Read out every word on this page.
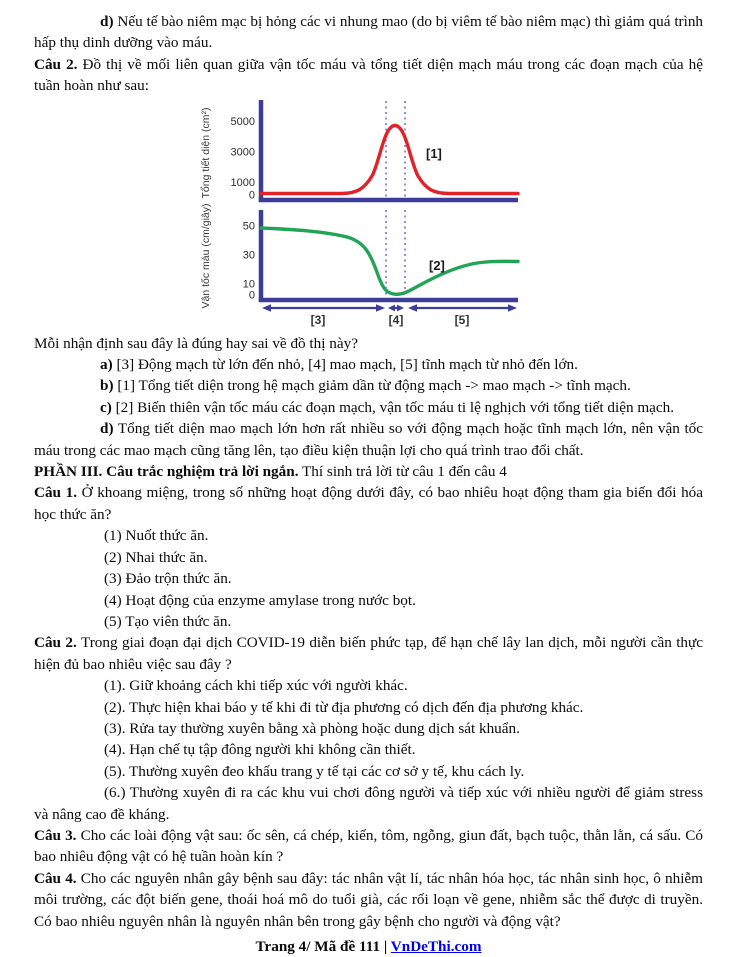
d) Nếu tế bào niêm mạc bị hỏng các vi nhung mao (do bị viêm tế bào niêm mạc) thì giảm quá trình hấp thụ dinh dưỡng vào máu.

Câu 2. Đồ thị về mối liên quan giữa vận tốc máu và tổng tiết diện mạch máu trong các đoạn mạch của hệ tuần hoàn như sau:

5000
3000
1000
0
Tổng tiết diện (cm²)	[1]
50
30
10
0
Vận tốc máu (cm/giây)	[2]
[3]	[4]	[5]

Mỗi nhận định sau đây là đúng hay sai về đồ thị này?

a) [3] Động mạch từ lớn đến nhỏ, [4] mao mạch, [5] tĩnh mạch từ nhỏ đến lớn.

b) [1] Tổng tiết diện trong hệ mạch giảm dần từ động mạch -> mao mạch -> tĩnh mạch.

c) [2] Biến thiên vận tốc máu các đoạn mạch, vận tốc máu ti lệ nghịch với tổng tiết diện mạch.

d) Tổng tiết diện mao mạch lớn hơn rất nhiều so với động mạch hoặc tĩnh mạch lớn, nên vận tốc máu trong các mao mạch cũng tăng lên, tạo điều kiện thuận lợi cho quá trình trao đổi chất.

PHẦN III. Câu trắc nghiệm trả lời ngắn. Thí sinh trả lời từ câu 1 đến câu 4

Câu 1. Ở khoang miệng, trong số những hoạt động dưới đây, có bao nhiêu hoạt động tham gia biến đổi hóa học thức ăn?

(1) Nuốt thức ăn.

(2) Nhai thức ăn.

(3) Đảo trộn thức ăn.

(4) Hoạt động của enzyme amylase trong nước bọt.

(5) Tạo viên thức ăn.

Câu 2. Trong giai đoạn đại dịch COVID-19 diễn biến phức tạp, để hạn chế lây lan dịch, mỗi người cần thực hiện đủ bao nhiêu việc sau đây ?

(1). Giữ khoảng cách khi tiếp xúc với người khác.

(2). Thực hiện khai báo y tế khi đi từ địa phương có dịch đến địa phương khác.

(3). Rửa tay thường xuyên bằng xà phòng hoặc dung dịch sát khuẩn.

(4). Hạn chế tụ tập đông người khi không cần thiết.

(5). Thường xuyên đeo khẩu trang y tế tại các cơ sở y tế, khu cách ly.

(6.) Thường xuyên đi ra các khu vui chơi đông người và tiếp xúc với nhiều người để giảm stress và nâng cao đề kháng.

Câu 3. Cho các loài động vật sau: ốc sên, cá chép, kiến, tôm, ngỗng, giun đất, bạch tuộc, thằn lằn, cá sấu. Có bao nhiêu động vật có hệ tuần hoàn kín ?

Câu 4. Cho các nguyên nhân gây bệnh sau đây: tác nhân vật lí, tác nhân hóa học, tác nhân sinh học, ô nhiễm môi trường, các đột biến gene, thoái hoá mô do tuổi già, các rối loạn về gene, nhiễm sắc thể được di truyền. Có bao nhiêu nguyên nhân là nguyên nhân bên trong gây bệnh cho người và động vật?

Trang 4/ Mã đề 111 | VnDeThi.com
